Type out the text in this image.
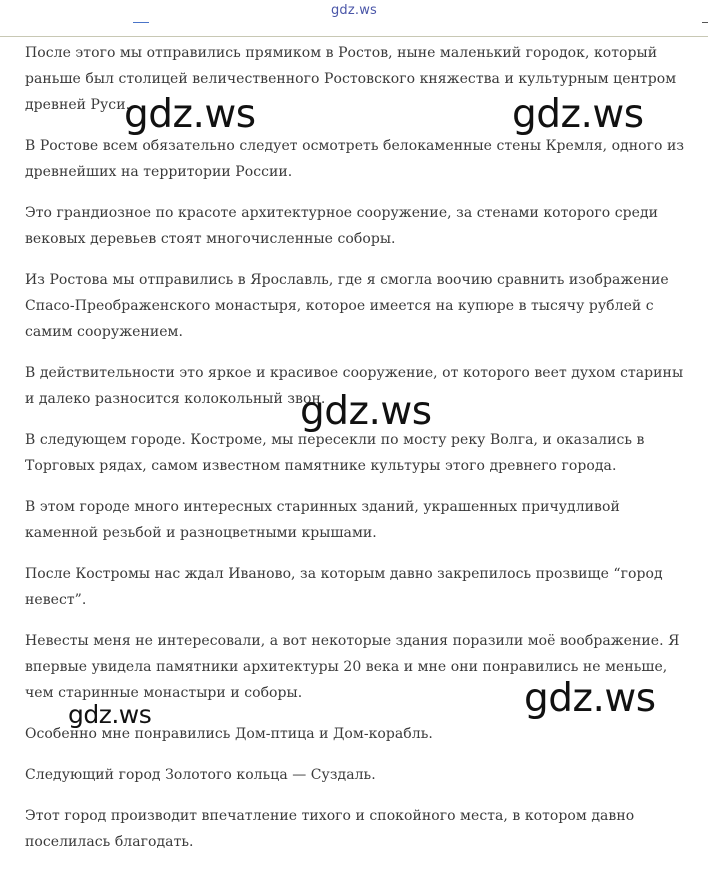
gdz.ws

После этого мы отправились прямиком в Ростов, ныне маленький городок, который раньше был столицей величественного Ростовского княжества и культурным центром древней Руси.

В Ростове всем обязательно следует осмотреть белокаменные стены Кремля, одного из древнейших на территории России.

Это грандиозное по красоте архитектурное сооружение, за стенами которого среди вековых деревьев стоят многочисленные соборы.

Из Ростова мы отправились в Ярославль, где я смогла воочию сравнить изображение Спасо-Преображенского монастыря, которое имеется на купюре в тысячу рублей с самим сооружением.

В действительности это яркое и красивое сооружение, от которого веет духом старины и далеко разносится колокольный звон.

В следующем городе. Костроме, мы пересекли по мосту реку Волга, и оказались в Торговых рядах, самом известном памятнике культуры этого древнего города.

В этом городе много интересных старинных зданий, украшенных причудливой каменной резьбой и разноцветными крышами.

После Костромы нас ждал Иваново, за которым давно закрепилось прозвище “город невест”.

Невесты меня не интересовали, а вот некоторые здания поразили моё воображение. Я впервые увидела памятники архитектуры 20 века и мне они понравились не меньше, чем старинные монастыри и соборы.

Особенно мне понравились Дом-птица и Дом-корабль.

Следующий город Золотого кольца — Суздаль.

Этот город производит впечатление тихого и спокойного места, в котором давно поселилась благодать.

gdz.ws	gdz.ws
gdz.ws
gdz.ws
gdz.ws
